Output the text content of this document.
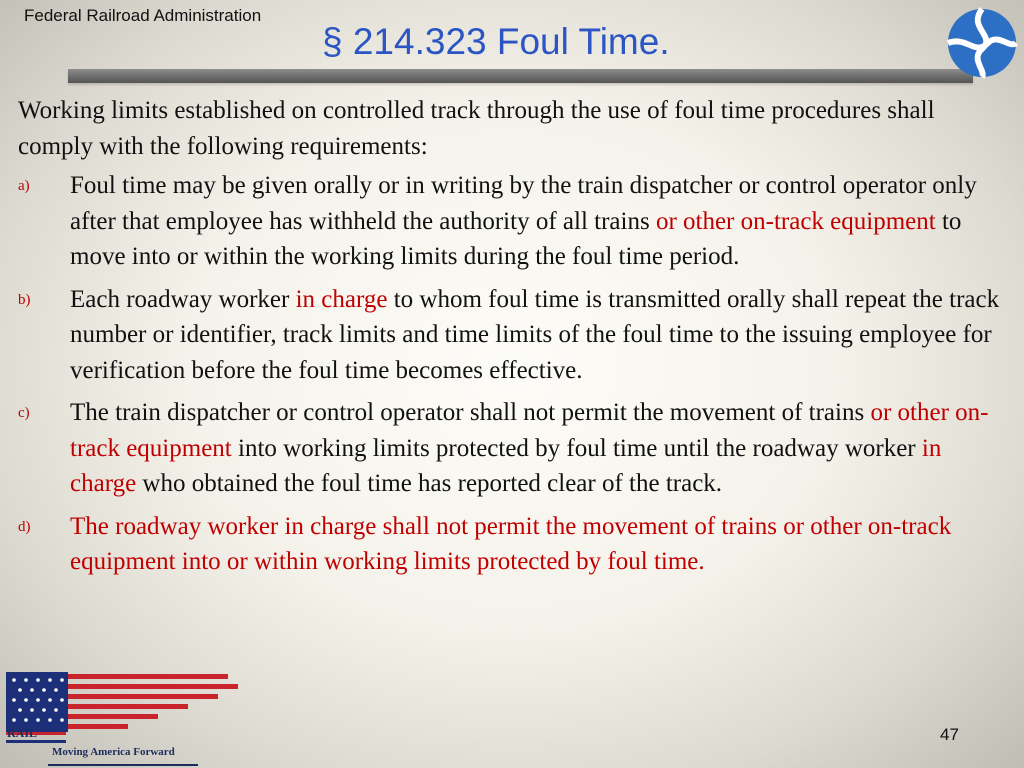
Federal Railroad Administration
§ 214.323 Foul Time.
Working limits established on controlled track through the use of foul time procedures shall comply with the following requirements:
a) Foul time may be given orally or in writing by the train dispatcher or control operator only after that employee has withheld the authority of all trains or other on-track equipment to move into or within the working limits during the foul time period.
b) Each roadway worker in charge to whom foul time is transmitted orally shall repeat the track number or identifier, track limits and time limits of the foul time to the issuing employee for verification before the foul time becomes effective.
c) The train dispatcher or control operator shall not permit the movement of trains or other on-track equipment into working limits protected by foul time until the roadway worker in charge who obtained the foul time has reported clear of the track.
d) The roadway worker in charge shall not permit the movement of trains or other on-track equipment into or within working limits protected by foul time.
RAIL
Moving America Forward
47
